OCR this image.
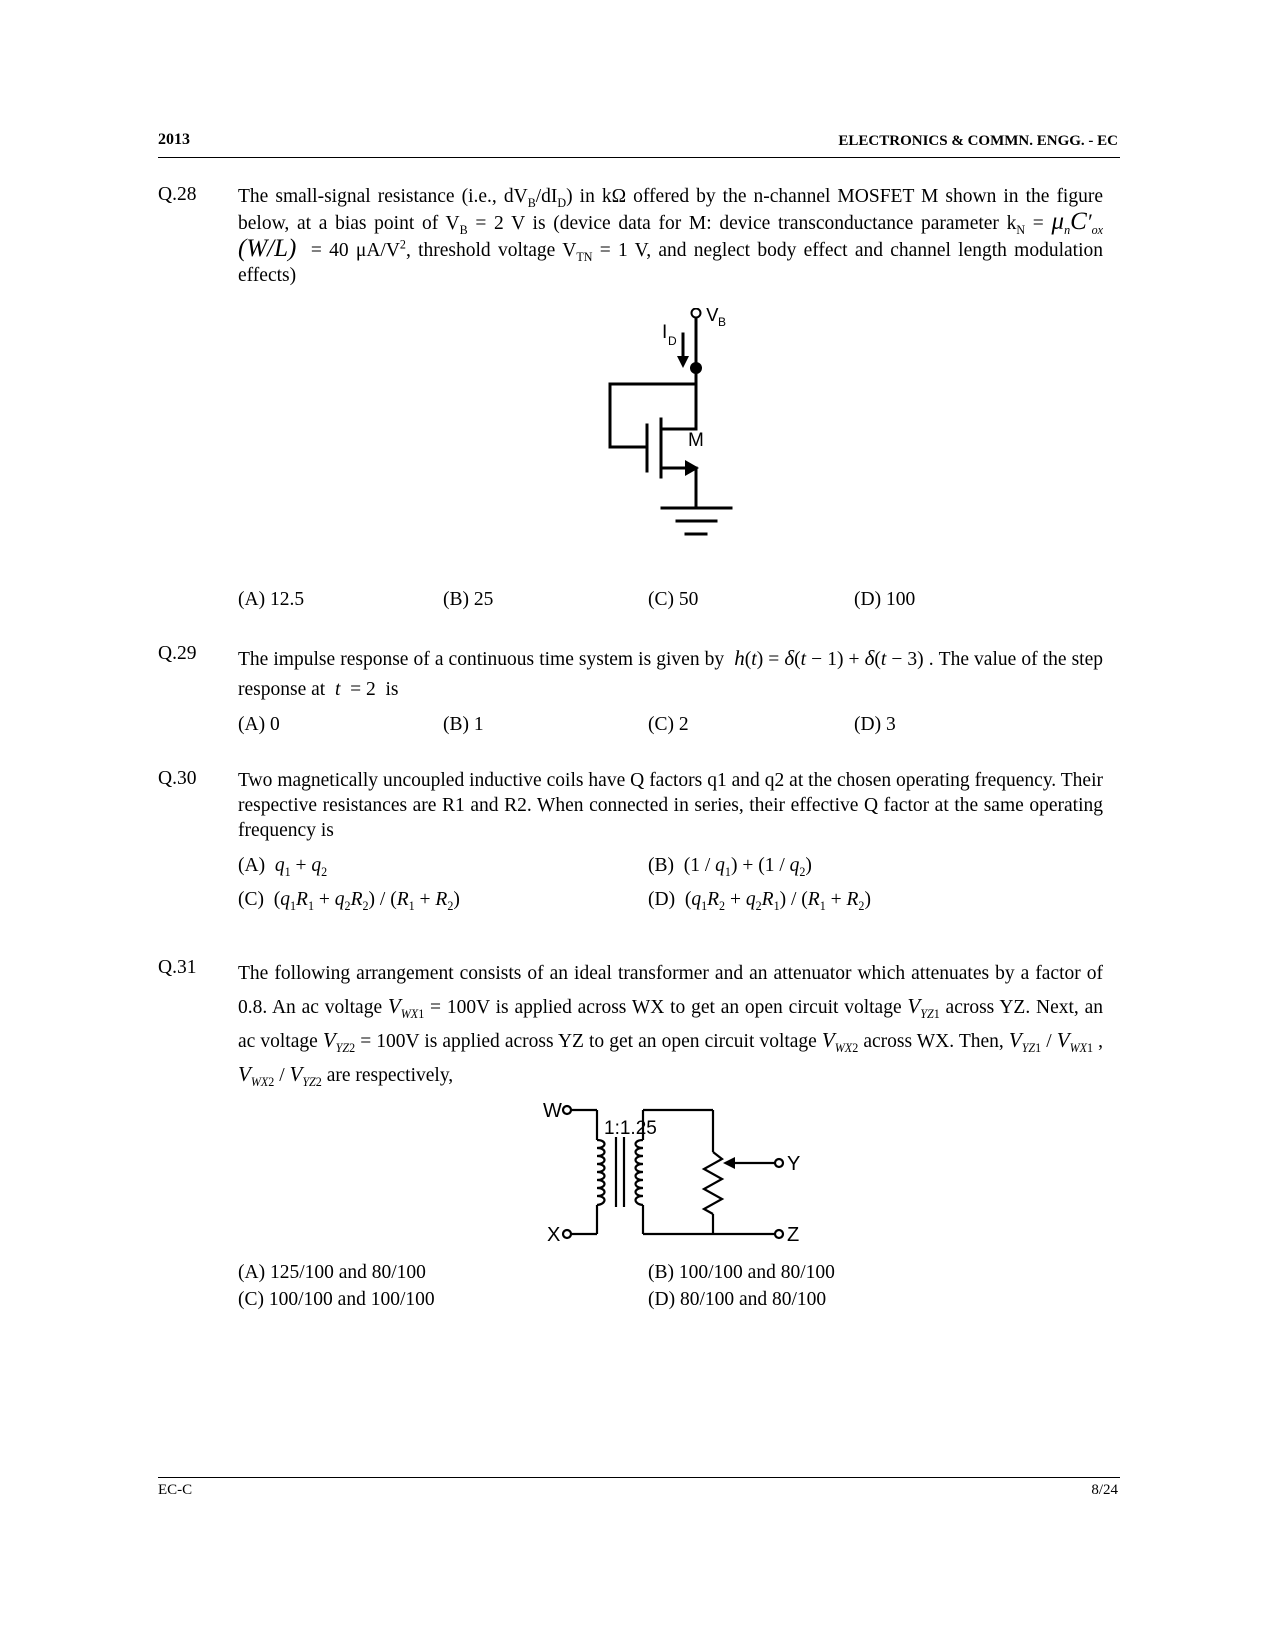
2013	ELECTRONICS & COMMN. ENGG. - EC
Q.28 The small-signal resistance (i.e., $dV_B/dI_D$) in kΩ offered by the n-channel MOSFET M shown in the figure below, at a bias point of $V_B = 2$ V is (device data for M: device transconductance parameter $k_N = \mu_nC'_{ox}$ (W/L)  = 40 $\mu A/V^2$, threshold voltage $V_{TN} = 1$ V, and neglect body effect and channel length modulation effects)
V B
I D
M
(A) 12.5	(B) 25	(C) 50	(D) 100
Q.29 The impulse response of a continuous time system is given by  h(t) = δ(t − 1) + δ(t − 3) . The value of the step response at  t  = 2  is
(A) 0	(B) 1	(C) 2	(D) 3
Q.30 Two magnetically uncoupled inductive coils have Q factors q1 and q2 at the chosen operating frequency. Their respective resistances are R1 and R2. When connected in series, their effective Q factor at the same operating frequency is
(A) $q_1 + q_2$	(B)  $(1 / q_1) + (1 / q_2)$
(C)  $(q_1R_1 + q_2R_2) / (R_1 + R_2)$	(D)  $(q_1R_2 + q_2R_1) / (R_1 + R_2)$
Q.31 The following arrangement consists of an ideal transformer and an attenuator which attenuates by a factor of 0.8. An ac voltage $V_{WX1} = 100V$ is applied across WX to get an open circuit voltage $V_{YZ1}$ across YZ. Next, an ac voltage $V_{YZ2} = 100V$ is applied across YZ to get an open circuit voltage $V_{WX2}$ across WX. Then, $V_{YZ1} / V_{WX1}$ , $V_{WX2} / V_{YZ2}$ are respectively,
1:1.25
W
X
Y
Z
(A) 125/100 and 80/100	(B) 100/100 and 80/100
(C) 100/100 and 100/100	(D) 80/100 and 80/100
EC-C	8/24
